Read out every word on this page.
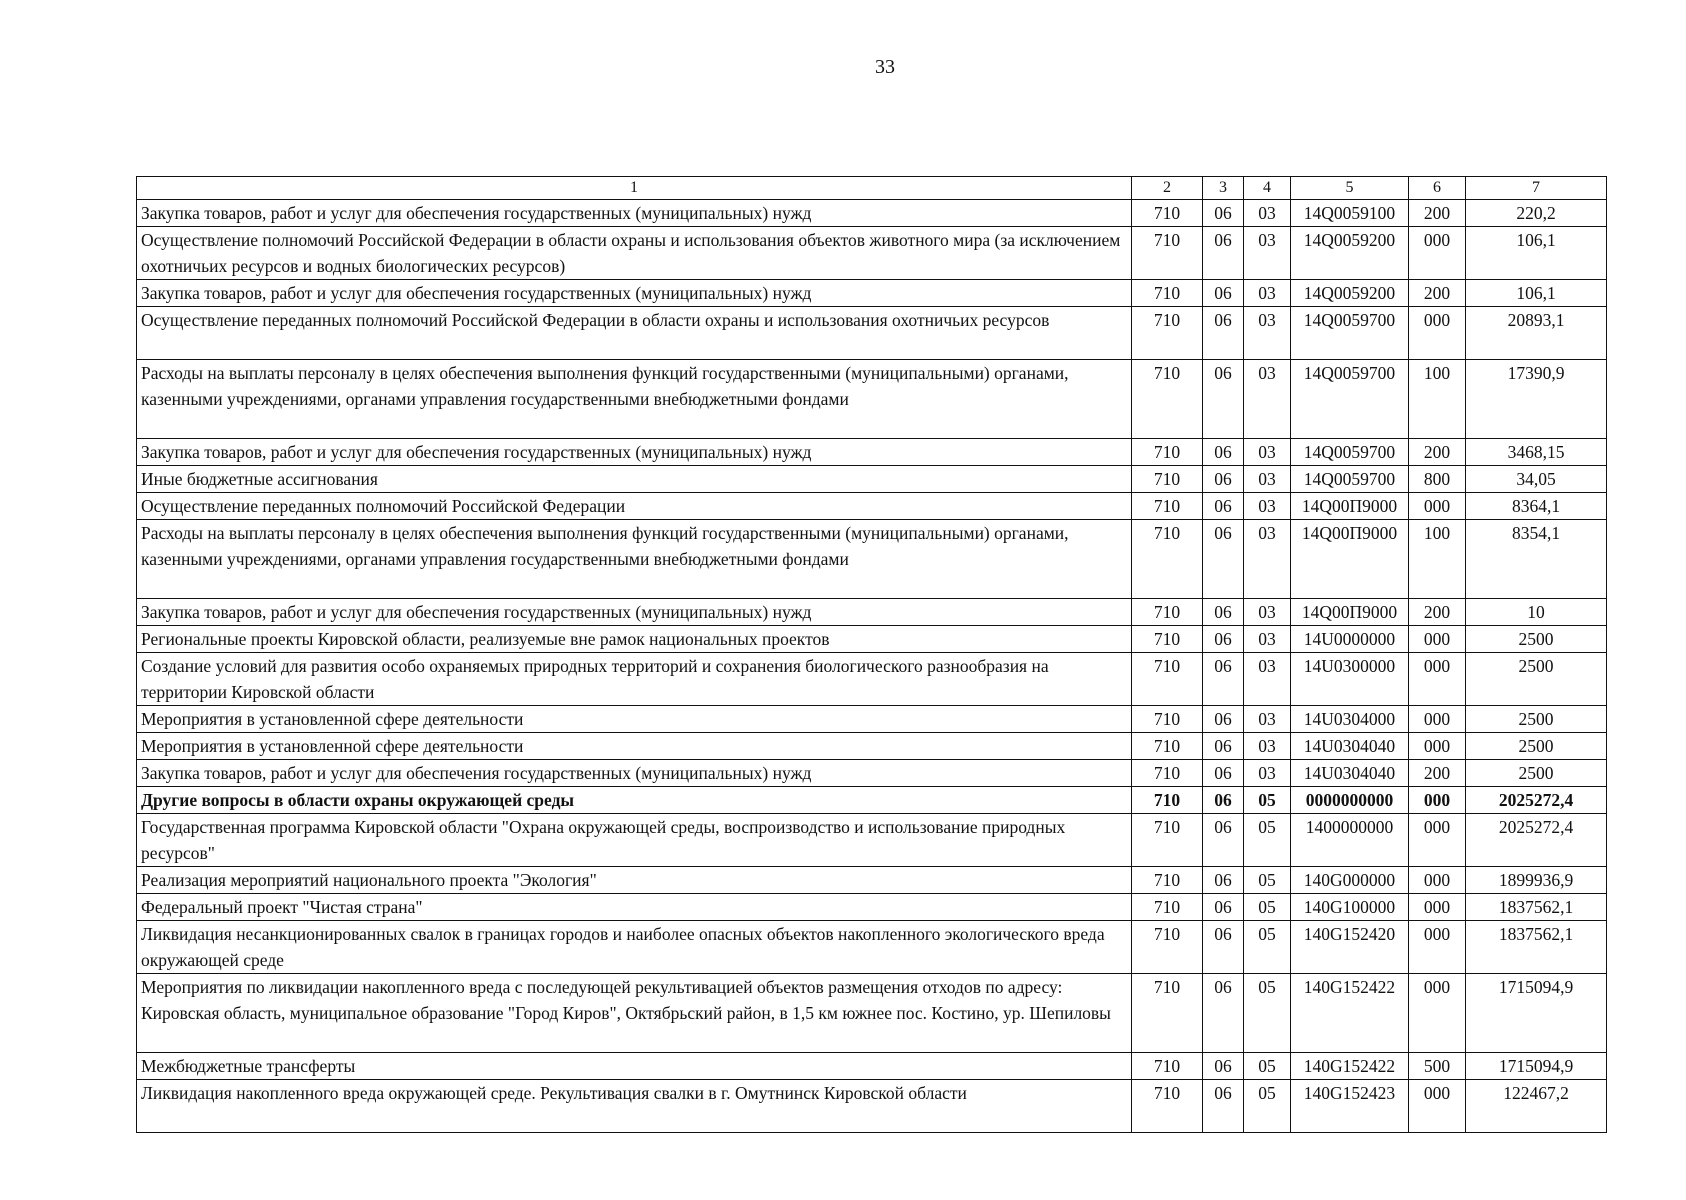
33
1	2	3	4	5	6	7
Закупка товаров, работ и услуг для обеспечения государственных (муниципальных) нужд	710	06	03	14Q0059100	200	220,2
Осуществление полномочий Российской Федерации в области охраны и использования объектов животного мира (за исключением охотничьих ресурсов и водных биологических ресурсов)	710	06	03	14Q0059200	000	106,1
Закупка товаров, работ и услуг для обеспечения государственных (муниципальных) нужд	710	06	03	14Q0059200	200	106,1
Осуществление переданных полномочий Российской Федерации в области охраны и использования охотничьих ресурсов	710	06	03	14Q0059700	000	20893,1
Расходы на выплаты персоналу в целях обеспечения выполнения функций государственными (муниципальными) органами, казенными учреждениями, органами управления государственными внебюджетными фондами	710	06	03	14Q0059700	100	17390,9
Закупка товаров, работ и услуг для обеспечения государственных (муниципальных) нужд	710	06	03	14Q0059700	200	3468,15
Иные бюджетные ассигнования	710	06	03	14Q0059700	800	34,05
Осуществление переданных полномочий Российской Федерации	710	06	03	14Q00П9000	000	8364,1
Расходы на выплаты персоналу в целях обеспечения выполнения функций государственными (муниципальными) органами, казенными учреждениями, органами управления государственными внебюджетными фондами	710	06	03	14Q00П9000	100	8354,1
Закупка товаров, работ и услуг для обеспечения государственных (муниципальных) нужд	710	06	03	14Q00П9000	200	10
Региональные проекты Кировской области, реализуемые вне рамок национальных проектов	710	06	03	14U0000000	000	2500
Создание условий для развития особо охраняемых природных территорий и сохранения биологического разнообразия на территории Кировской области	710	06	03	14U0300000	000	2500
Мероприятия в установленной сфере деятельности	710	06	03	14U0304000	000	2500
Мероприятия в установленной сфере деятельности	710	06	03	14U0304040	000	2500
Закупка товаров, работ и услуг для обеспечения государственных (муниципальных) нужд	710	06	03	14U0304040	200	2500
Другие вопросы в области охраны окружающей среды	710	06	05	0000000000	000	2025272,4
Государственная программа Кировской области "Охрана окружающей среды, воспроизводство и использование природных ресурсов"	710	06	05	1400000000	000	2025272,4
Реализация мероприятий национального проекта "Экология"	710	06	05	140G000000	000	1899936,9
Федеральный проект "Чистая страна"	710	06	05	140G100000	000	1837562,1
Ликвидация несанкционированных свалок в границах городов и наиболее опасных объектов накопленного экологического вреда окружающей среде	710	06	05	140G152420	000	1837562,1
Мероприятия по ликвидации накопленного вреда с последующей рекультивацией объектов размещения отходов по адресу: Кировская область, муниципальное образование "Город Киров", Октябрьский район, в 1,5 км южнее пос. Костино, ур. Шепиловы	710	06	05	140G152422	000	1715094,9
Межбюджетные трансферты	710	06	05	140G152422	500	1715094,9
Ликвидация накопленного вреда окружающей среде. Рекультивация свалки в г. Омутнинск Кировской области	710	06	05	140G152423	000	122467,2
